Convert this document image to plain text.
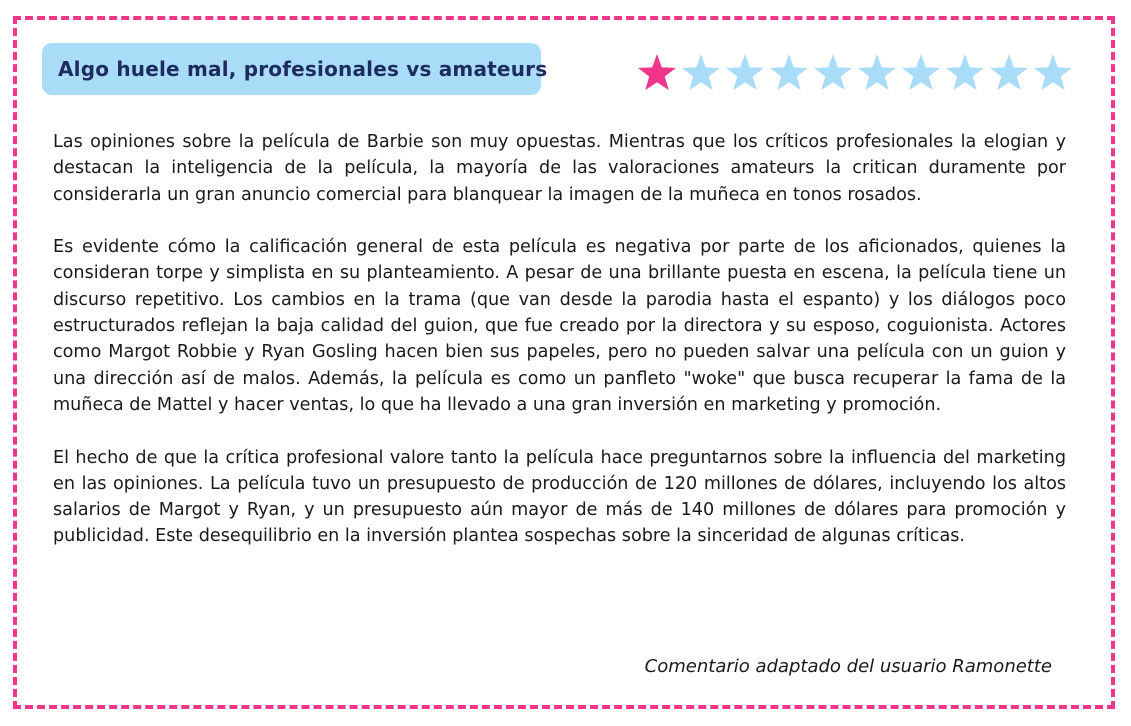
Algo huele mal, profesionales vs amateurs

Las opiniones sobre la película de Barbie son muy opuestas. Mientras que los críticos profesionales la elogian y destacan la inteligencia de la película, la mayoría de las valoraciones amateurs la critican duramente por considerarla un gran anuncio comercial para blanquear la imagen de la muñeca en tonos rosados.

Es evidente cómo la calificación general de esta película es negativa por parte de los aficionados, quienes la consideran torpe y simplista en su planteamiento. A pesar de una brillante puesta en escena, la película tiene un discurso repetitivo. Los cambios en la trama (que van desde la parodia hasta el espanto) y los diálogos poco estructurados reflejan la baja calidad del guion, que fue creado por la directora y su esposo, coguionista. Actores como Margot Robbie y Ryan Gosling hacen bien sus papeles, pero no pueden salvar una película con un guion y una dirección así de malos. Además, la película es como un panfleto "woke" que busca recuperar la fama de la muñeca de Mattel y hacer ventas, lo que ha llevado a una gran inversión en marketing y promoción.

El hecho de que la crítica profesional valore tanto la película hace preguntarnos sobre la influencia del marketing en las opiniones. La película tuvo un presupuesto de producción de 120 millones de dólares, incluyendo los altos salarios de Margot y Ryan, y un presupuesto aún mayor de más de 140 millones de dólares para promoción y publicidad. Este desequilibrio en la inversión plantea sospechas sobre la sinceridad de algunas críticas.

Comentario adaptado del usuario Ramonette
